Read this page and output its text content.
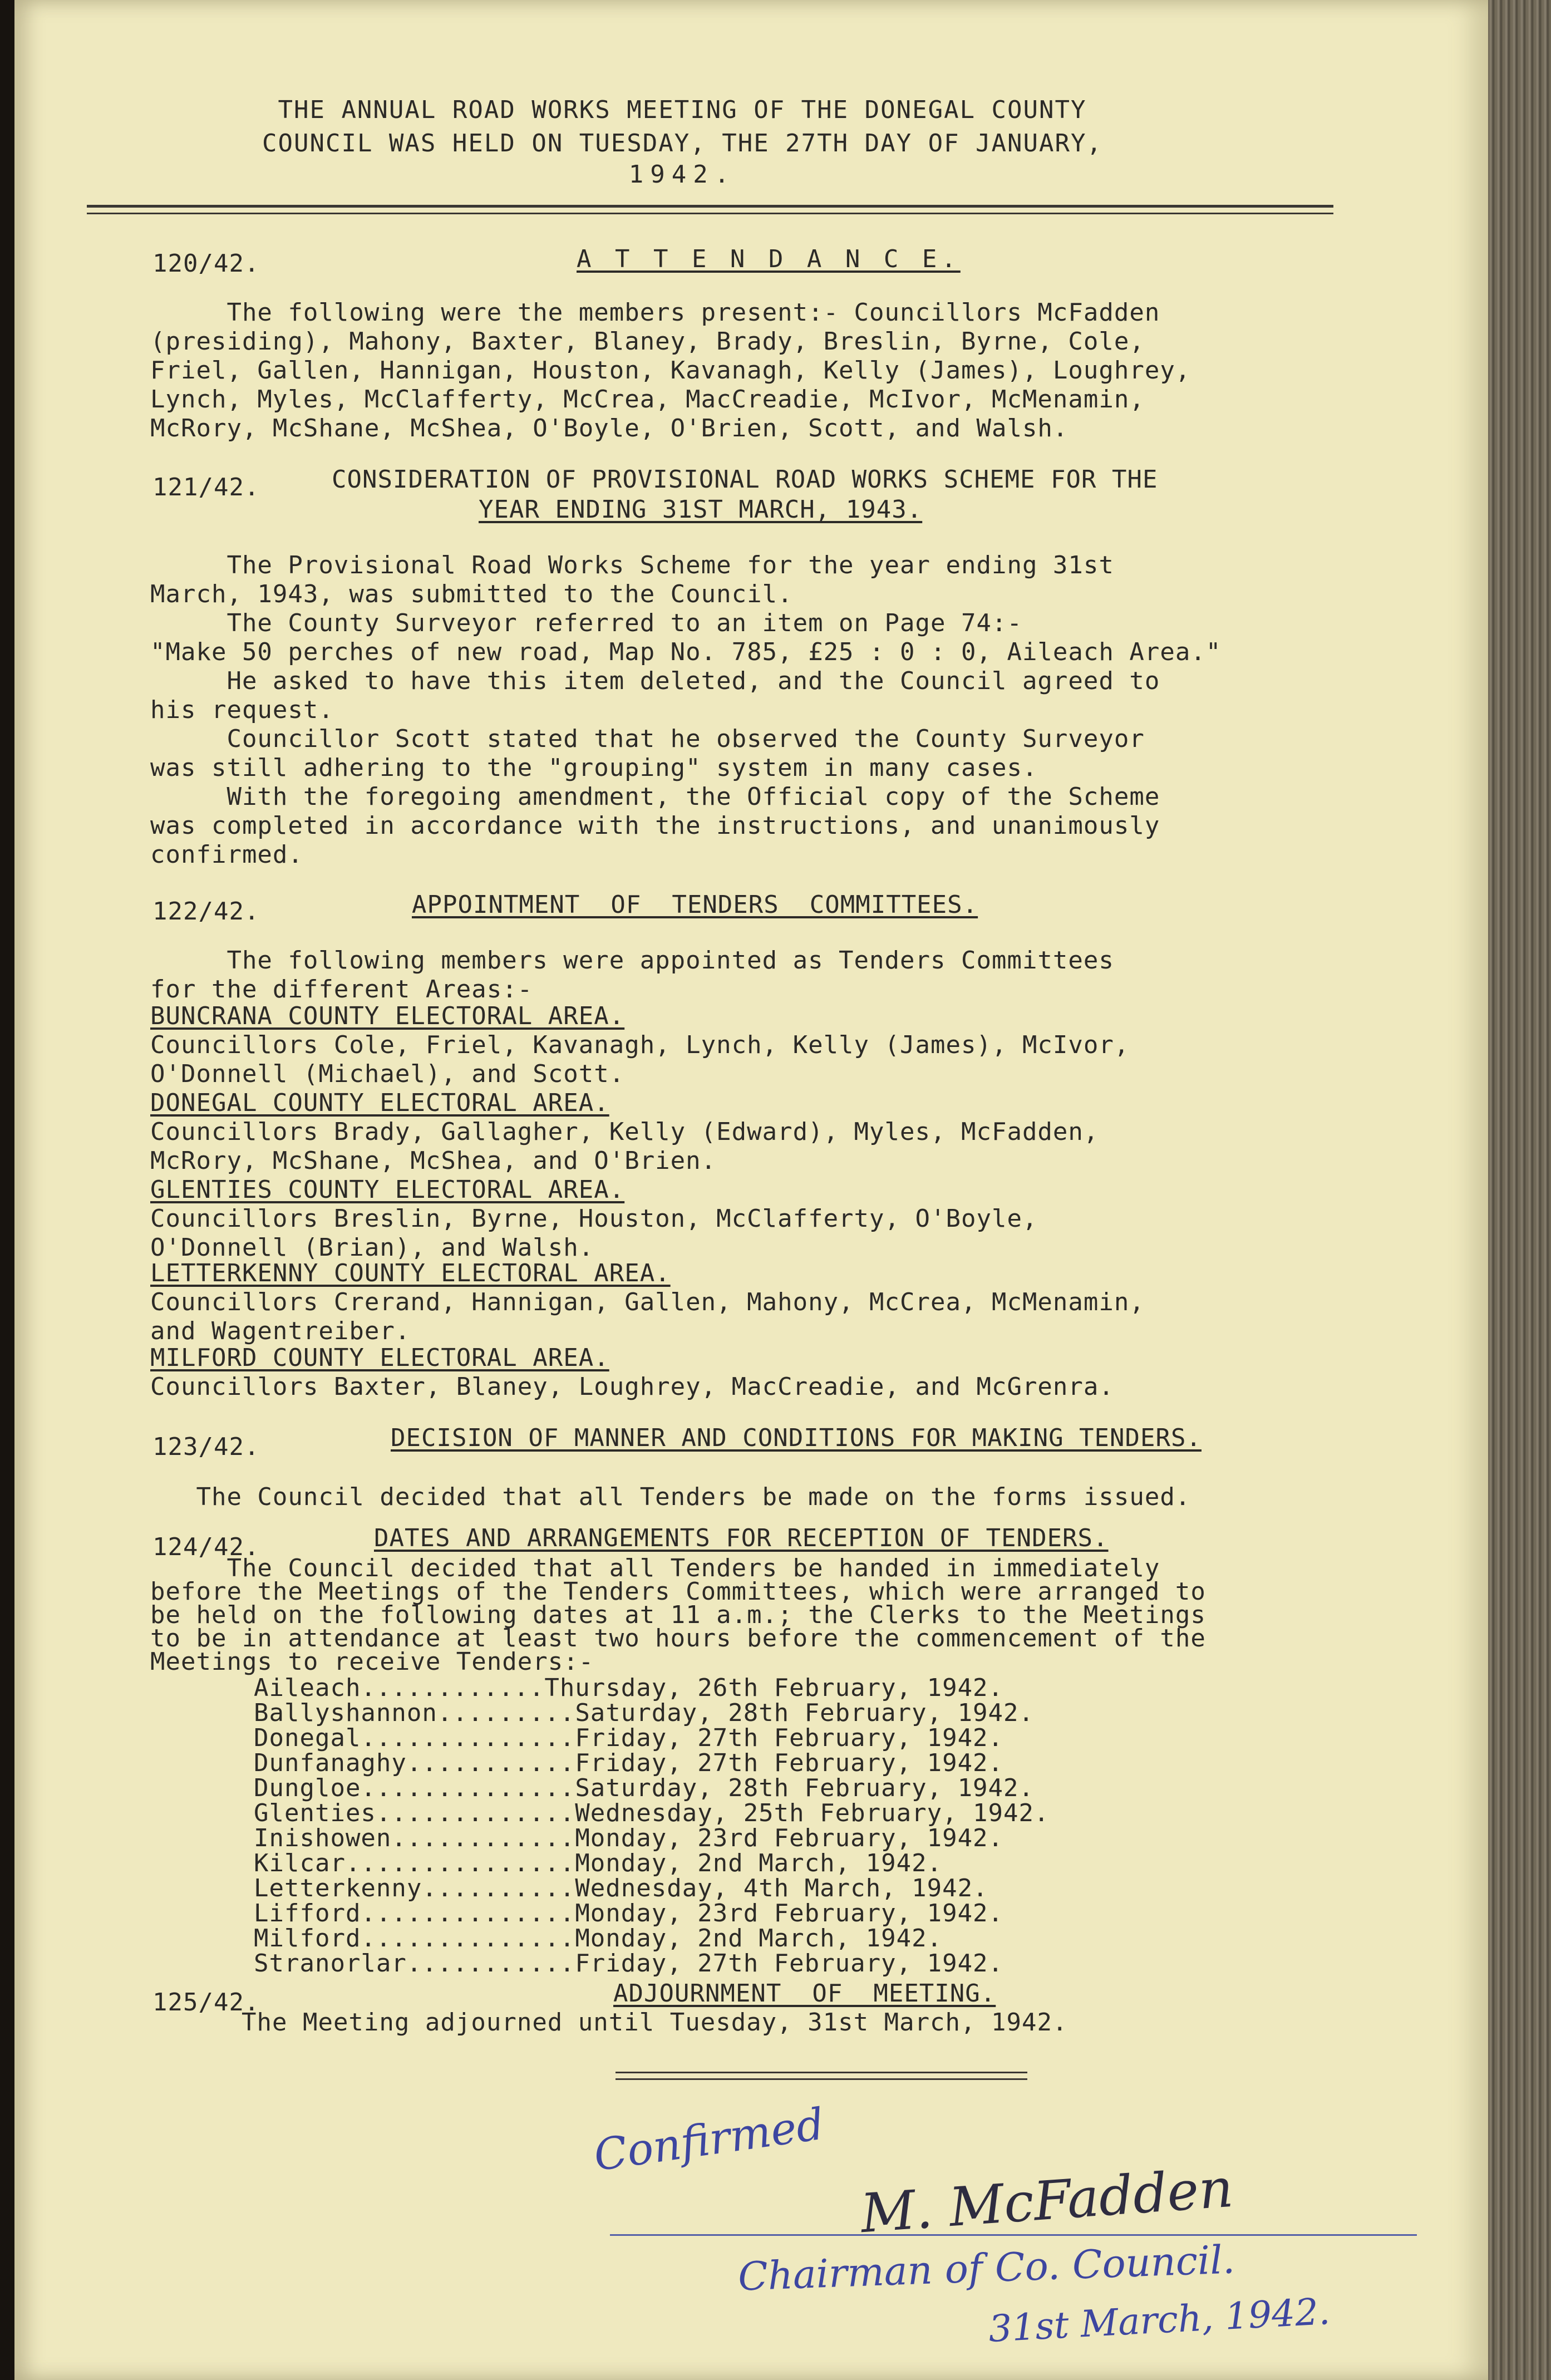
THE ANNUAL ROAD WORKS MEETING OF THE DONEGAL COUNTY
COUNCIL WAS HELD ON TUESDAY, THE 27TH DAY OF JANUARY,
1942.
120/42.	A T T E N D A N C E.
The following were the members present:- Councillors McFadden
(presiding), Mahony, Baxter, Blaney, Brady, Breslin, Byrne, Cole,
Friel, Gallen, Hannigan, Houston, Kavanagh, Kelly (James), Loughrey,
Lynch, Myles, McClafferty, McCrea, MacCreadie, McIvor, McMenamin,
McRory, McShane, McShea, O'Boyle, O'Brien, Scott, and Walsh.
121/42.	CONSIDERATION OF PROVISIONAL ROAD WORKS SCHEME FOR THE
YEAR ENDING 31ST MARCH, 1943.
The Provisional Road Works Scheme for the year ending 31st
March, 1943, was submitted to the Council.
The County Surveyor referred to an item on Page 74:-
"Make 50 perches of new road, Map No. 785, £25 : 0 : 0, Aileach Area."
He asked to have this item deleted, and the Council agreed to
his request.
Councillor Scott stated that he observed the County Surveyor
was still adhering to the "grouping" system in many cases.
With the foregoing amendment, the Official copy of the Scheme
was completed in accordance with the instructions, and unanimously
confirmed.
122/42.	APPOINTMENT  OF  TENDERS  COMMITTEES.
The following members were appointed as Tenders Committees
for the different Areas:-
BUNCRANA COUNTY ELECTORAL AREA.
Councillors Cole, Friel, Kavanagh, Lynch, Kelly (James), McIvor,
O'Donnell (Michael), and Scott.
DONEGAL COUNTY ELECTORAL AREA.
Councillors Brady, Gallagher, Kelly (Edward), Myles, McFadden,
McRory, McShane, McShea, and O'Brien.
GLENTIES COUNTY ELECTORAL AREA.
Councillors Breslin, Byrne, Houston, McClafferty, O'Boyle,
O'Donnell (Brian), and Walsh.
LETTERKENNY COUNTY ELECTORAL AREA.
Councillors Crerand, Hannigan, Gallen, Mahony, McCrea, McMenamin,
and Wagentreiber.
MILFORD COUNTY ELECTORAL AREA.
Councillors Baxter, Blaney, Loughrey, MacCreadie, and McGrenra.
123/42.	DECISION OF MANNER AND CONDITIONS FOR MAKING TENDERS.
The Council decided that all Tenders be made on the forms issued.
124/42.	DATES AND ARRANGEMENTS FOR RECEPTION OF TENDERS.
The Council decided that all Tenders be handed in immediately
before the Meetings of the Tenders Committees, which were arranged to
be held on the following dates at 11 a.m.; the Clerks to the Meetings
to be in attendance at least two hours before the commencement of the
Meetings to receive Tenders:-
Aileach............Thursday, 26th February, 1942.
Ballyshannon.........Saturday, 28th February, 1942.
Donegal..............Friday, 27th February, 1942.
Dunfanaghy...........Friday, 27th February, 1942.
Dungloe..............Saturday, 28th February, 1942.
Glenties.............Wednesday, 25th February, 1942.
Inishowen............Monday, 23rd February, 1942.
Kilcar...............Monday, 2nd March, 1942.
Letterkenny..........Wednesday, 4th March, 1942.
Lifford..............Monday, 23rd February, 1942.
Milford..............Monday, 2nd March, 1942.
Stranorlar...........Friday, 27th February, 1942.
125/42.	ADJOURNMENT  OF  MEETING.
The Meeting adjourned until Tuesday, 31st March, 1942.
Confirmed
M. McFadden
Chairman of Co. Council.
31st March, 1942.
